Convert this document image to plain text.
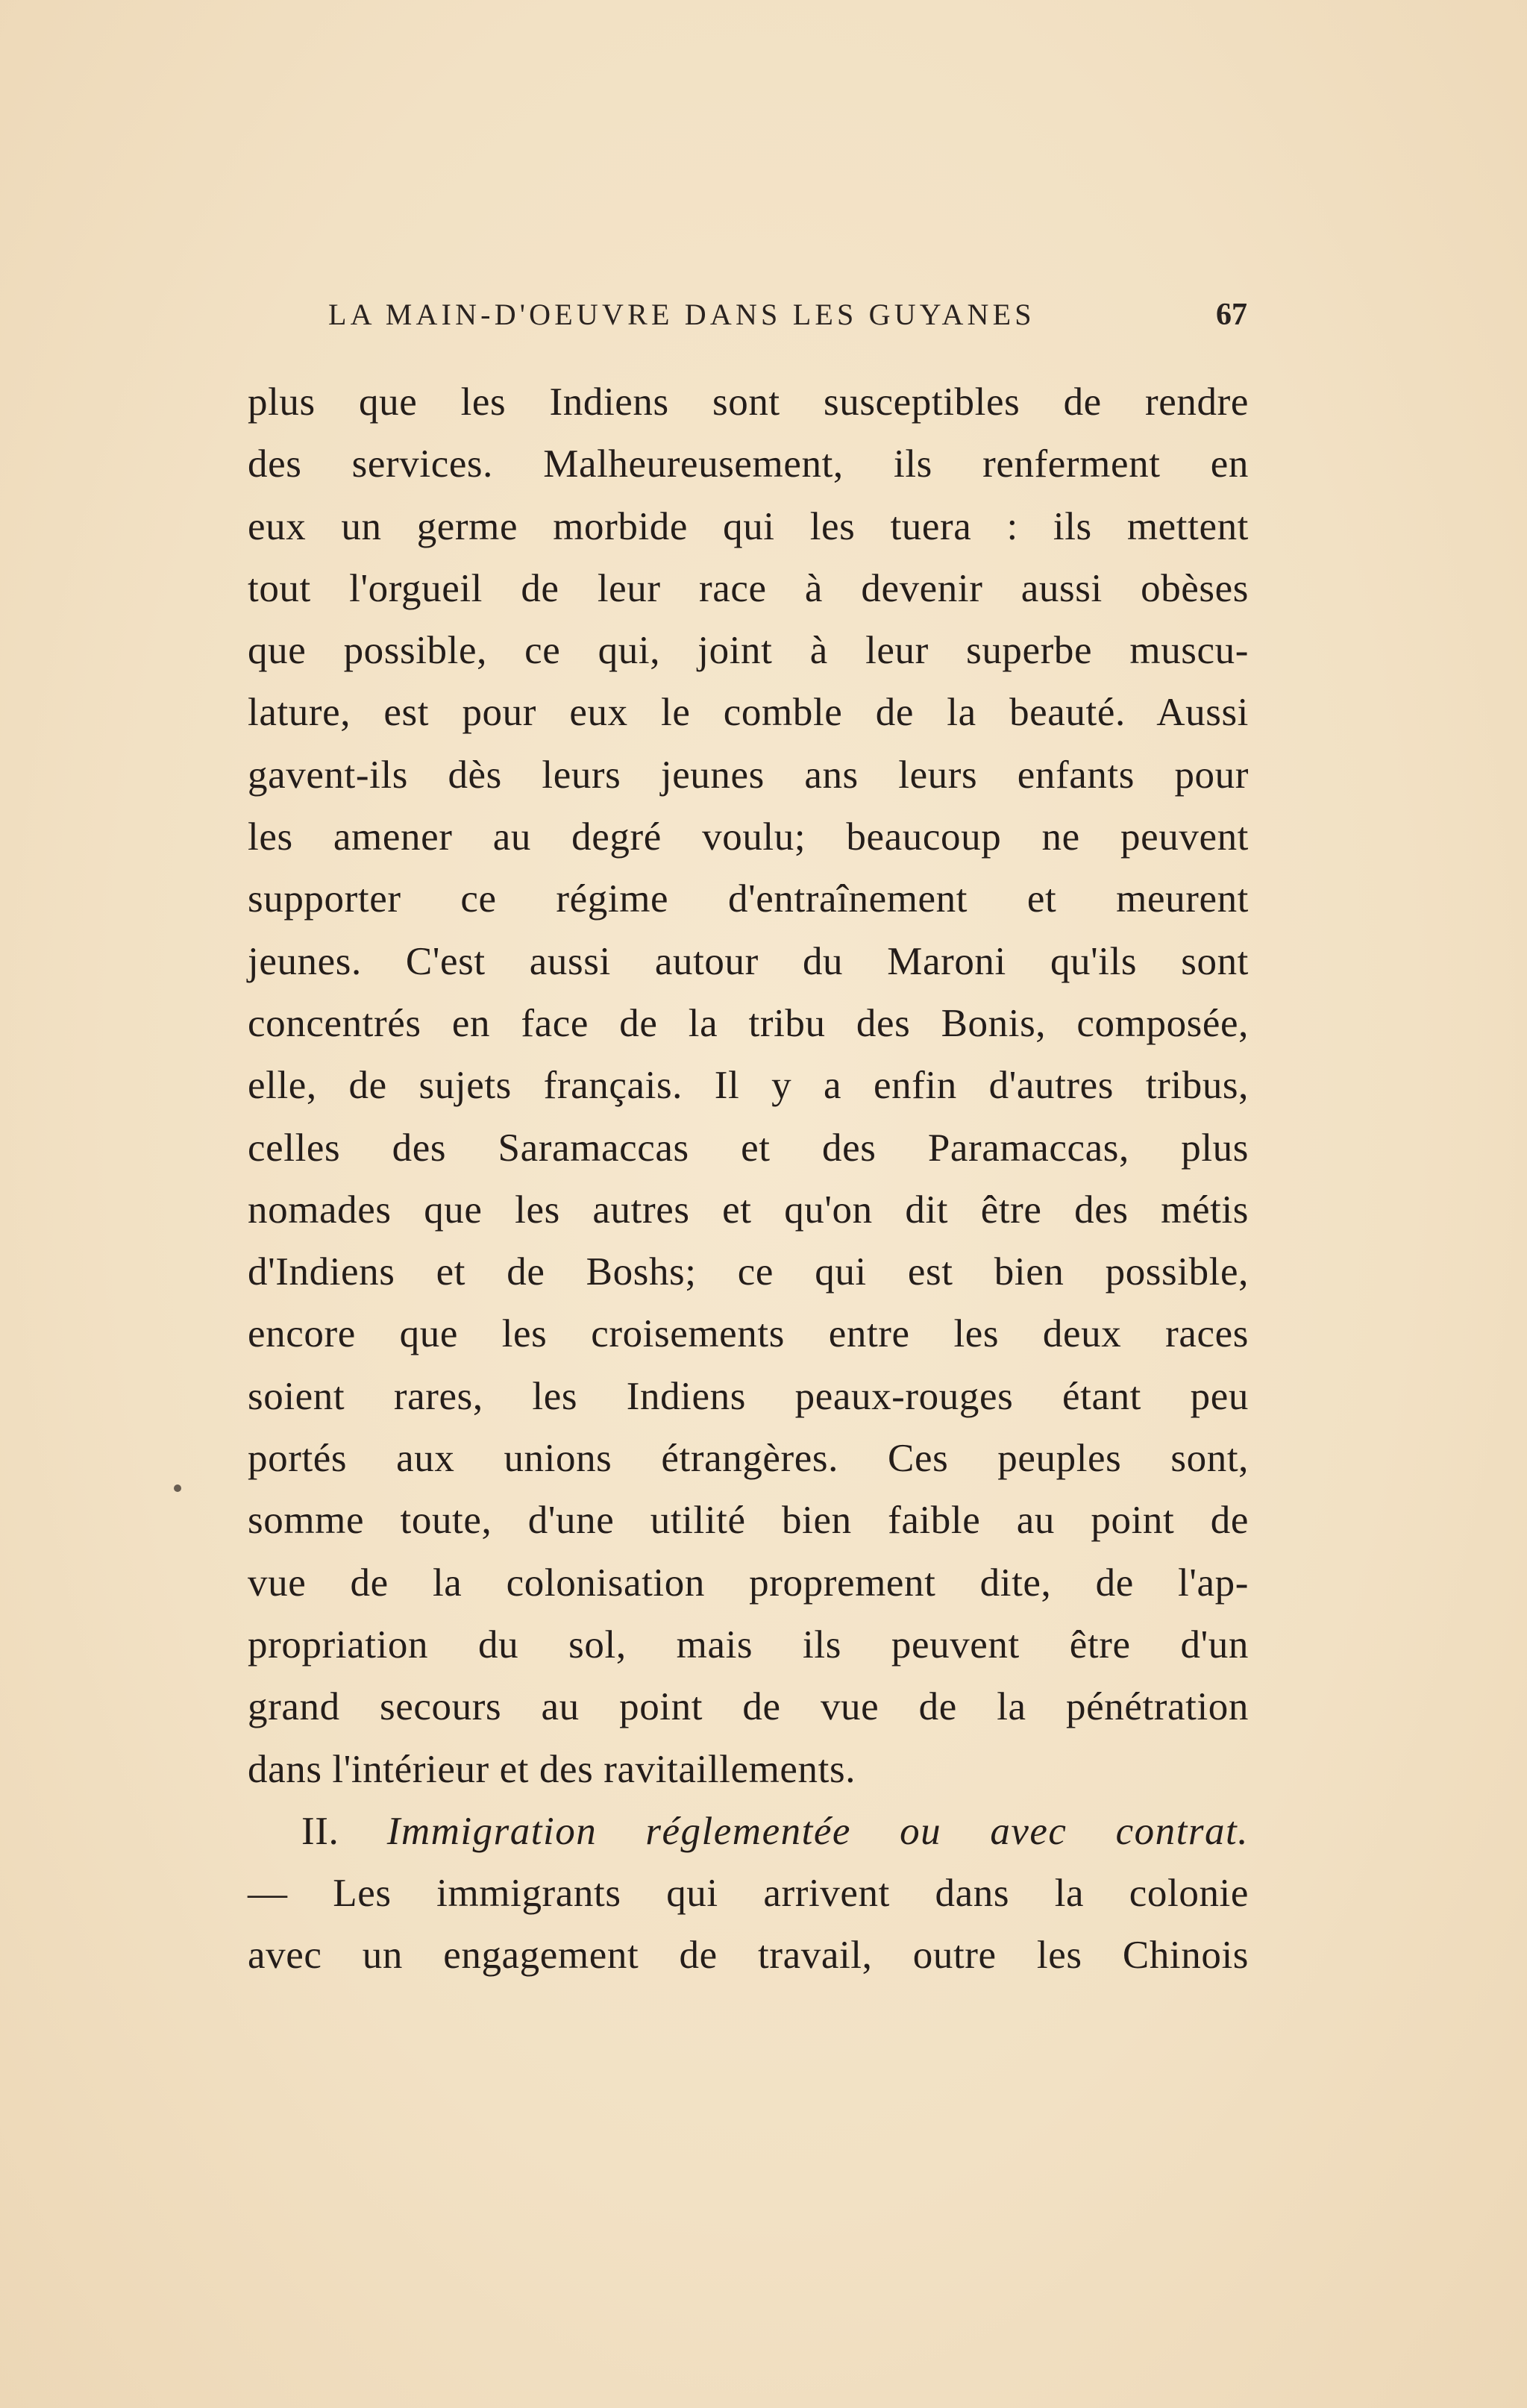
LA MAIN-D'OEUVRE DANS LES GUYANES	67
plus que les Indiens sont susceptibles de rendre
des services. Malheureusement, ils renferment en
eux un germe morbide qui les tuera : ils mettent
tout l'orgueil de leur race à devenir aussi obèses
que possible, ce qui, joint à leur superbe muscu-
lature, est pour eux le comble de la beauté. Aussi
gavent-ils dès leurs jeunes ans leurs enfants pour
les amener au degré voulu; beaucoup ne peuvent
supporter ce régime d'entraînement et meurent
jeunes. C'est aussi autour du Maroni qu'ils sont
concentrés en face de la tribu des Bonis, composée,
elle, de sujets français. Il y a enfin d'autres tribus,
celles des Saramaccas et des Paramaccas, plus
nomades que les autres et qu'on dit être des métis
d'Indiens et de Boshs; ce qui est bien possible,
encore que les croisements entre les deux races
soient rares, les Indiens peaux-rouges étant peu
portés aux unions étrangères. Ces peuples sont,
somme toute, d'une utilité bien faible au point de
vue de la colonisation proprement dite, de l'ap-
propriation du sol, mais ils peuvent être d'un
grand secours au point de vue de la pénétration
dans l'intérieur et des ravitaillements.
II. Immigration réglementée ou avec contrat.
— Les immigrants qui arrivent dans la colonie
avec un engagement de travail, outre les Chinois
